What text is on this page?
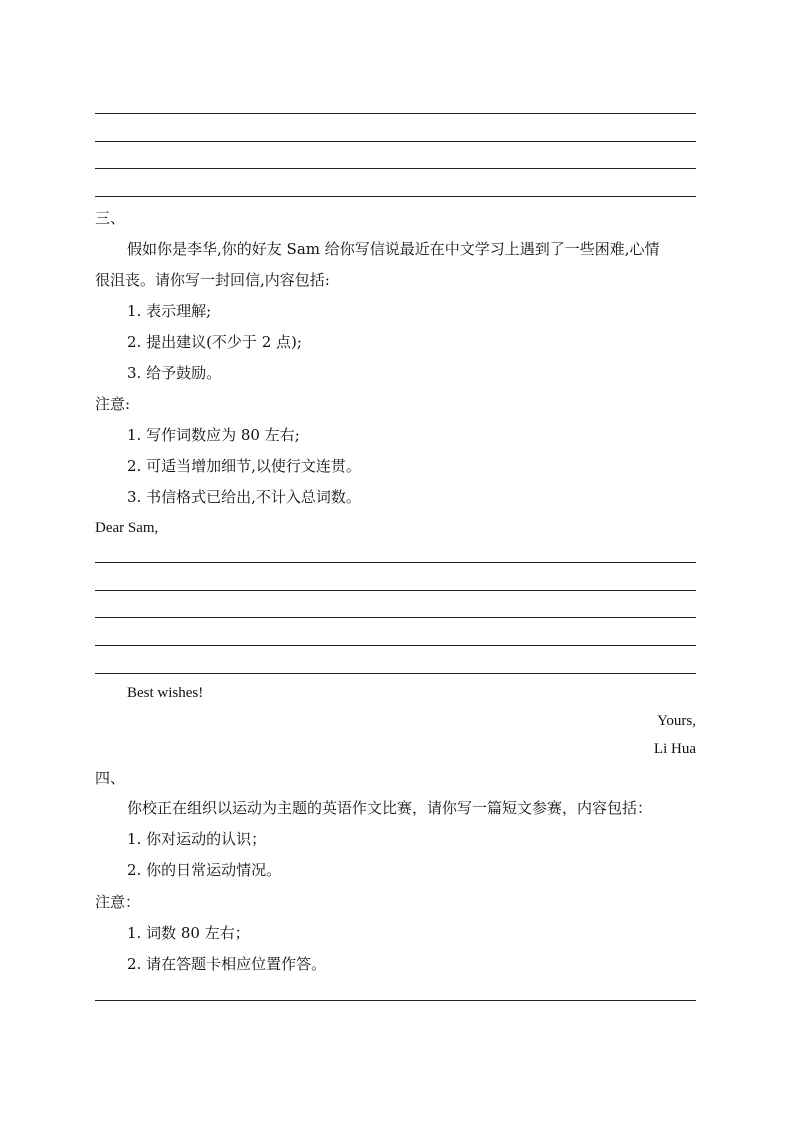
三、
假如你是李华,你的好友 Sam 给你写信说最近在中文学习上遇到了一些困难,心情
很沮丧。请你写一封回信,内容包括:
1. 表示理解;
2. 提出建议(不少于 2 点);
3. 给予鼓励。
注意:
1. 写作词数应为 80 左右;
2. 可适当增加细节,以使行文连贯。
3. 书信格式已给出,不计入总词数。
Dear Sam,
Best wishes!
Yours,
Li Hua
四、
你校正在组织以运动为主题的英语作文比赛，请你写一篇短文参赛，内容包括：
1. 你对运动的认识；
2. 你的日常运动情况。
注意：
1. 词数 80 左右；
2. 请在答题卡相应位置作答。
